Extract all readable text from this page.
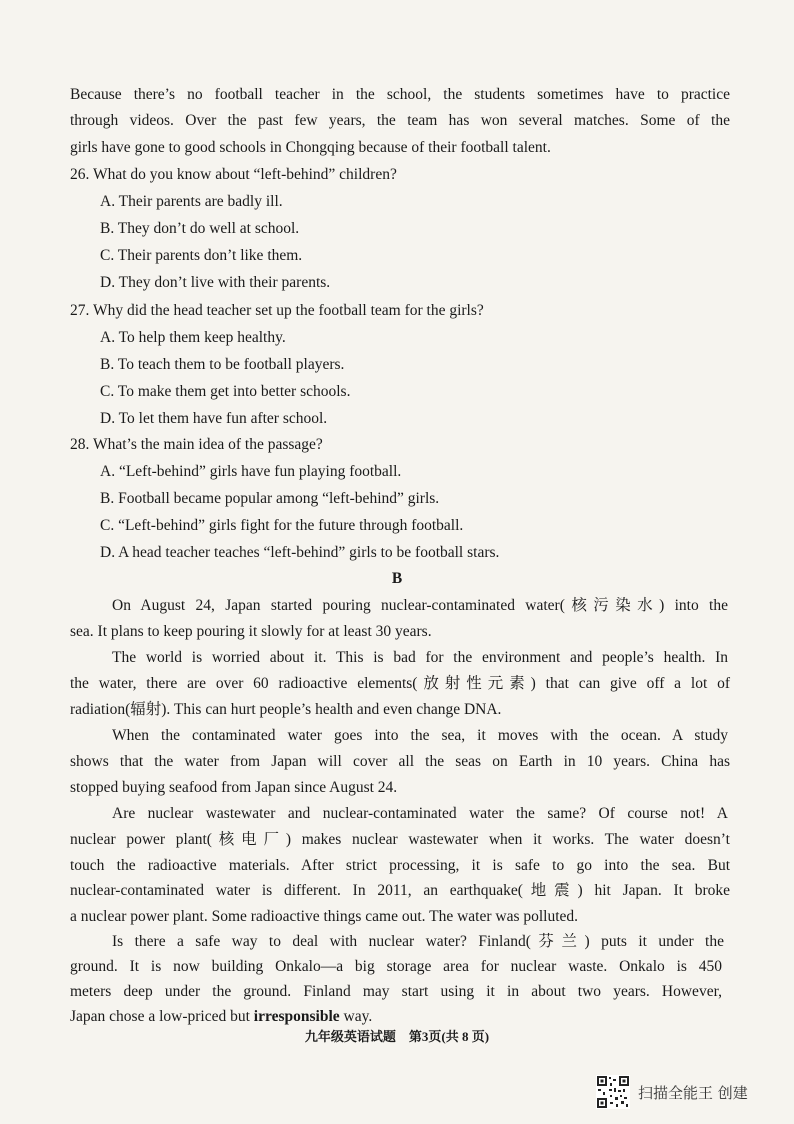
Because there’s no football teacher in the school, the students sometimes have to practice
through videos. Over the past few years, the team has won several matches. Some of the
girls have gone to good schools in Chongqing because of their football talent.
26. What do you know about “left-behind” children?
A. Their parents are badly ill.
B. They don’t do well at school.
C. Their parents don’t like them.
D. They don’t live with their parents.
27. Why did the head teacher set up the football team for the girls?
A. To help them keep healthy.
B. To teach them to be football players.
C. To make them get into better schools.
D. To let them have fun after school.
28. What’s the main idea of the passage?
A. “Left-behind” girls have fun playing football.
B. Football became popular among “left-behind” girls.
C. “Left-behind” girls fight for the future through football.
D. A head teacher teaches “left-behind” girls to be football stars.
B
On August 24, Japan started pouring nuclear-contaminated water(核污染水) into the
sea. It plans to keep pouring it slowly for at least 30 years.
The world is worried about it. This is bad for the environment and people’s health. In
the water, there are over 60 radioactive elements(放射性元素) that can give off a lot of
radiation(辐射). This can hurt people’s health and even change DNA.
When the contaminated water goes into the sea, it moves with the ocean. A study
shows that the water from Japan will cover all the seas on Earth in 10 years. China has
stopped buying seafood from Japan since August 24.
Are nuclear wastewater and nuclear-contaminated water the same? Of course not! A
nuclear power plant(核电厂) makes nuclear wastewater when it works. The water doesn’t
touch the radioactive materials. After strict processing, it is safe to go into the sea. But
nuclear-contaminated water is different. In 2011, an earthquake(地震) hit Japan. It broke
a nuclear power plant. Some radioactive things came out. The water was polluted.
Is there a safe way to deal with nuclear water? Finland(芬兰) puts it under the
ground. It is now building Onkalo—a big storage area for nuclear waste. Onkalo is 450
meters deep under the ground. Finland may start using it in about two years. However,
Japan chose a low-priced but irresponsible way.
九年级英语试题　第3页(共 8 页)
扫描全能王 创建
